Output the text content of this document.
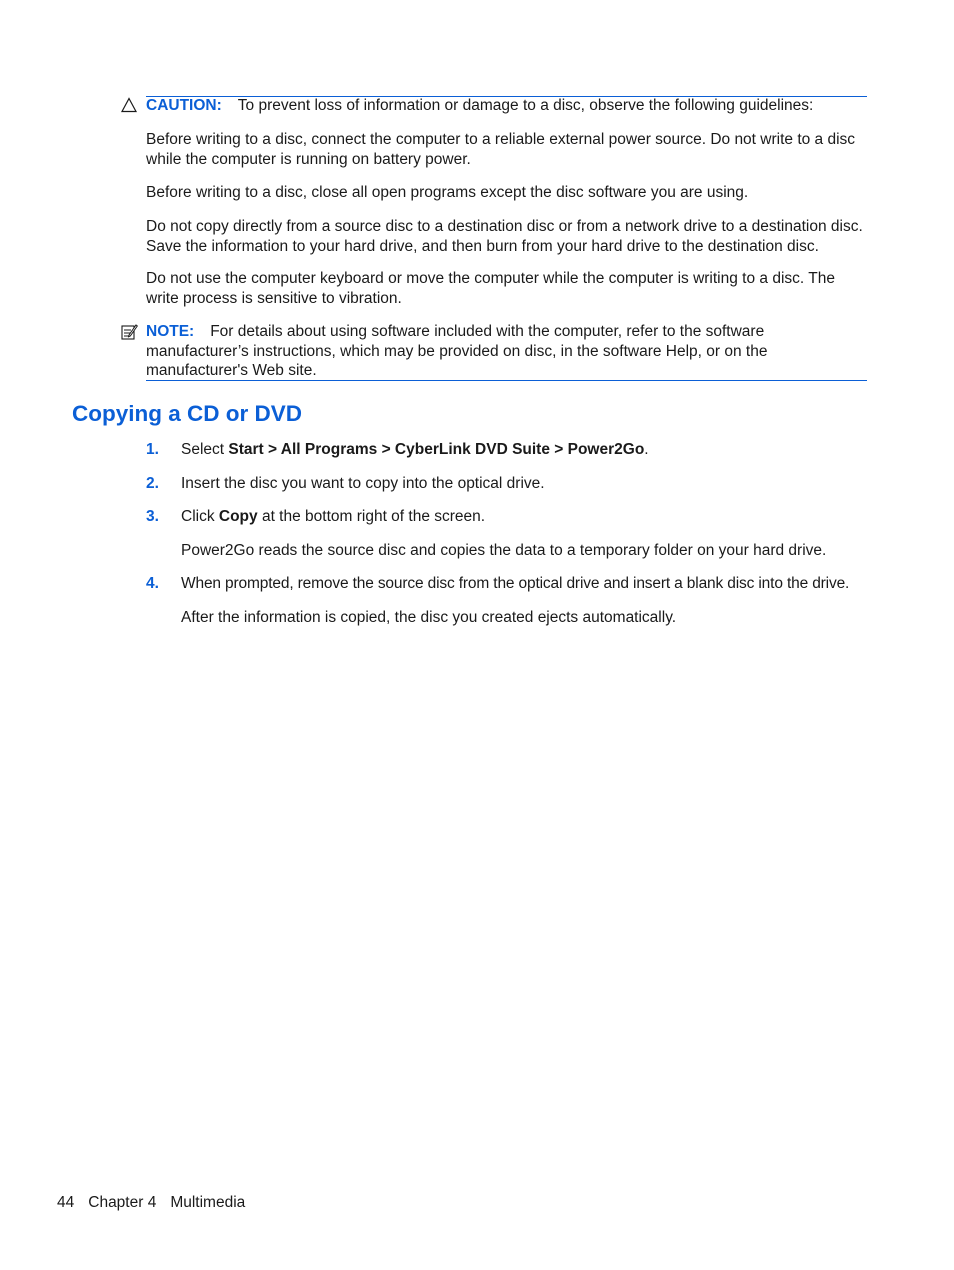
CAUTION: To prevent loss of information or damage to a disc, observe the following guidelines:

Before writing to a disc, connect the computer to a reliable external power source. Do not write to a disc while the computer is running on battery power.

Before writing to a disc, close all open programs except the disc software you are using.

Do not copy directly from a source disc to a destination disc or from a network drive to a destination disc. Save the information to your hard drive, and then burn from your hard drive to the destination disc.

Do not use the computer keyboard or move the computer while the computer is writing to a disc. The write process is sensitive to vibration.

NOTE: For details about using software included with the computer, refer to the software manufacturer’s instructions, which may be provided on disc, in the software Help, or on the manufacturer's Web site.

Copying a CD or DVD
1. Select Start > All Programs > CyberLink DVD Suite > Power2Go.

2. Insert the disc you want to copy into the optical drive.

3. Click Copy at the bottom right of the screen.

Power2Go reads the source disc and copies the data to a temporary folder on your hard drive.

4. When prompted, remove the source disc from the optical drive and insert a blank disc into the drive.

After the information is copied, the disc you created ejects automatically.

44 Chapter 4 Multimedia
